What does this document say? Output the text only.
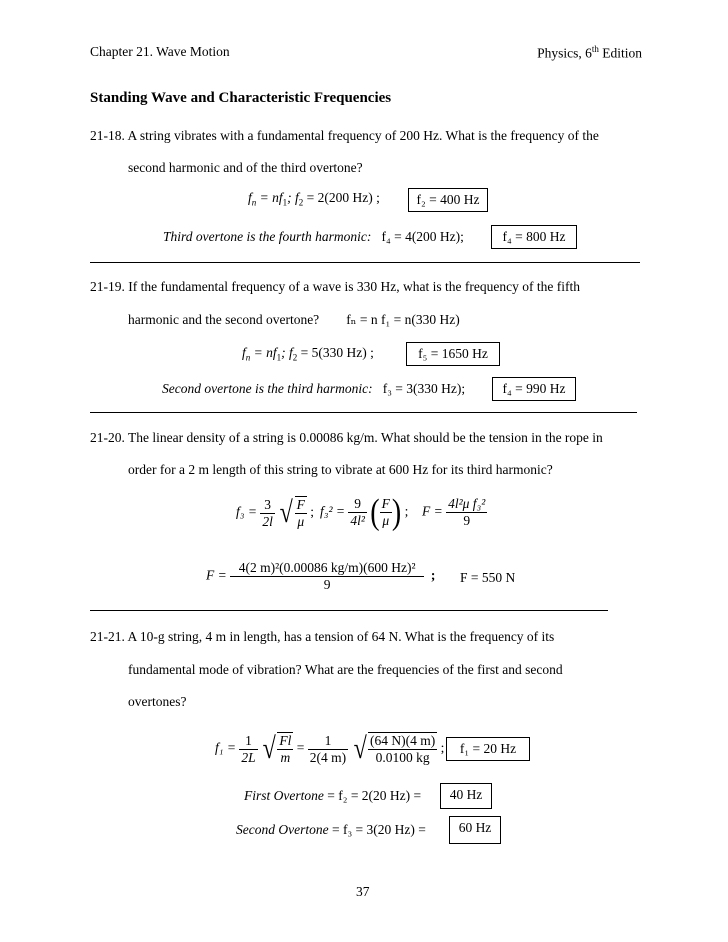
Chapter 21. Wave Motion	Physics, 6th Edition
Standing Wave and Characteristic Frequencies
21-18. A string vibrates with a fundamental frequency of 200 Hz. What is the frequency of the
second harmonic and of the third overtone?
$f_n = nf_1$; $f_2 = 2(200$ Hz) ;	f₂ = 400 Hz
Third overtone is the fourth harmonic: f₄ = 4(200 Hz);	f₄ = 800 Hz
21-19. If the fundamental frequency of a wave is 330 Hz, what is the frequency of the fifth
harmonic and the second overtone? fₙ = n f₁ = n(330 Hz)
$f_n = nf_1$; $f_2 = 5(330$ Hz) ;	f₅ = 1650 Hz
Second overtone is the third harmonic: f₃ = 3(330 Hz);	f₄ = 990 Hz
21-20. The linear density of a string is 0.00086 kg/m. What should be the tension in the rope in
order for a 2 m length of this string to vibrate at 600 Hz for its third harmonic?
$f_3 = \frac{3}{2l}$ √ $\frac{F}{\mu}$ ; $f_3^2 = \frac{9}{\text{4l²}}$ ( $\frac{F}{\mu}$ ) ; $F = \frac{\text{4l²μ f₃²}}{9}$
$F = \frac{\text{4(2 m)²(0.00086 kg/m)(600 Hz)²}}{9}$ ; F = 550 N
21-21. A 10-g string, 4 m in length, has a tension of 64 N. What is the frequency of its
fundamental mode of vibration? What are the frequencies of the first and second
overtones?
$f_1 = \frac{1}{2L}$ √ $\frac{Fl}{m} = \frac{1}{2(4 m)}$ √ $\frac{(64 N)(4 m)}{0.0100 kg}$ ;	f₁ = 20 Hz
First Overtone = f₂ = 2(20 Hz) =	40 Hz
Second Overtone = f₃ = 3(20 Hz) =	60 Hz
37
